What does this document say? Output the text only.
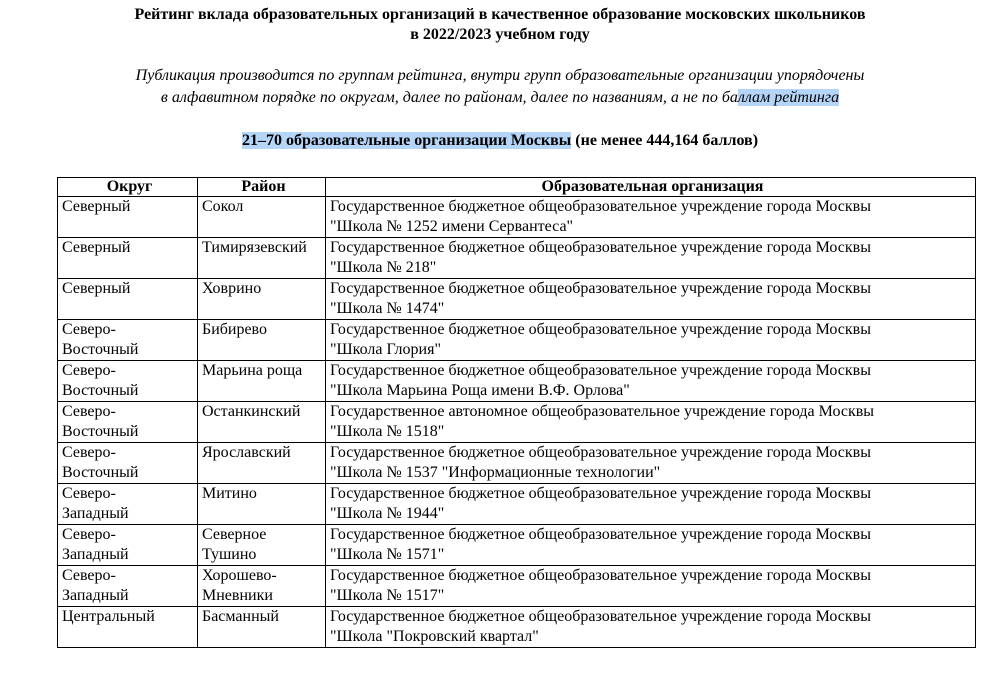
Рейтинг вклада образовательных организаций в качественное образование московских школьников
в 2022/2023 учебном году
Публикация производится по группам рейтинга, внутри групп образовательные организации упорядочены
в алфавитном порядке по округам, далее по районам, далее по названиям, а не по баллам рейтинга
21–70 образовательные организации Москвы (не менее 444,164 баллов)
Округ	Район	Образовательная организация

Северный	Сокол	Государственное бюджетное общеобразовательное учреждение города Москвы
"Школа № 1252 имени Сервантеса"

Северный	Тимирязевский	Государственное бюджетное общеобразовательное учреждение города Москвы
"Школа № 218"

Северный	Ховрино	Государственное бюджетное общеобразовательное учреждение города Москвы
"Школа № 1474"

Северо-
Восточный	Бибирево	Государственное бюджетное общеобразовательное учреждение города Москвы
"Школа Глория"

Северо-
Восточный	Марьина роща	Государственное бюджетное общеобразовательное учреждение города Москвы
"Школа Марьина Роща имени В.Ф. Орлова"

Северо-
Восточный	Останкинский	Государственное автономное общеобразовательное учреждение города Москвы
"Школа № 1518"

Северо-
Восточный	Ярославский	Государственное бюджетное общеобразовательное учреждение города Москвы
"Школа № 1537 "Информационные технологии"

Северо-
Западный	Митино	Государственное бюджетное общеобразовательное учреждение города Москвы
"Школа № 1944"

Северо-
Западный	Северное
Тушино	Государственное бюджетное общеобразовательное учреждение города Москвы
"Школа № 1571"

Северо-
Западный	Хорошево-
Мневники	Государственное бюджетное общеобразовательное учреждение города Москвы
"Школа № 1517"

Центральный	Басманный	Государственное бюджетное общеобразовательное учреждение города Москвы
"Школа "Покровский квартал"
